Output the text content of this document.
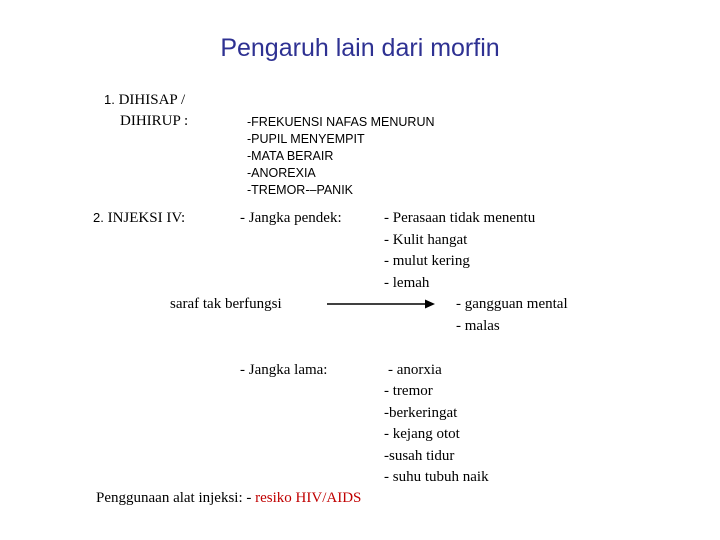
Pengaruh lain dari morfin
1. DIHISAP /
DIHIRUP :	-FREKUENSI NAFAS MENURUN
-PUPIL MENYEMPIT
-MATA BERAIR
-ANOREXIA
-TREMOR-–PANIK
2. INJEKSI IV:	- Jangka pendek:	- Perasaan tidak menentu
- Kulit hangat
- mulut kering
- lemah
saraf tak berfungsi	- gangguan mental
- malas
- Jangka lama:	- anorxia
- tremor
-berkeringat
- kejang otot
-susah tidur
- suhu tubuh naik
Penggunaan alat injeksi: - resiko HIV/AIDS
